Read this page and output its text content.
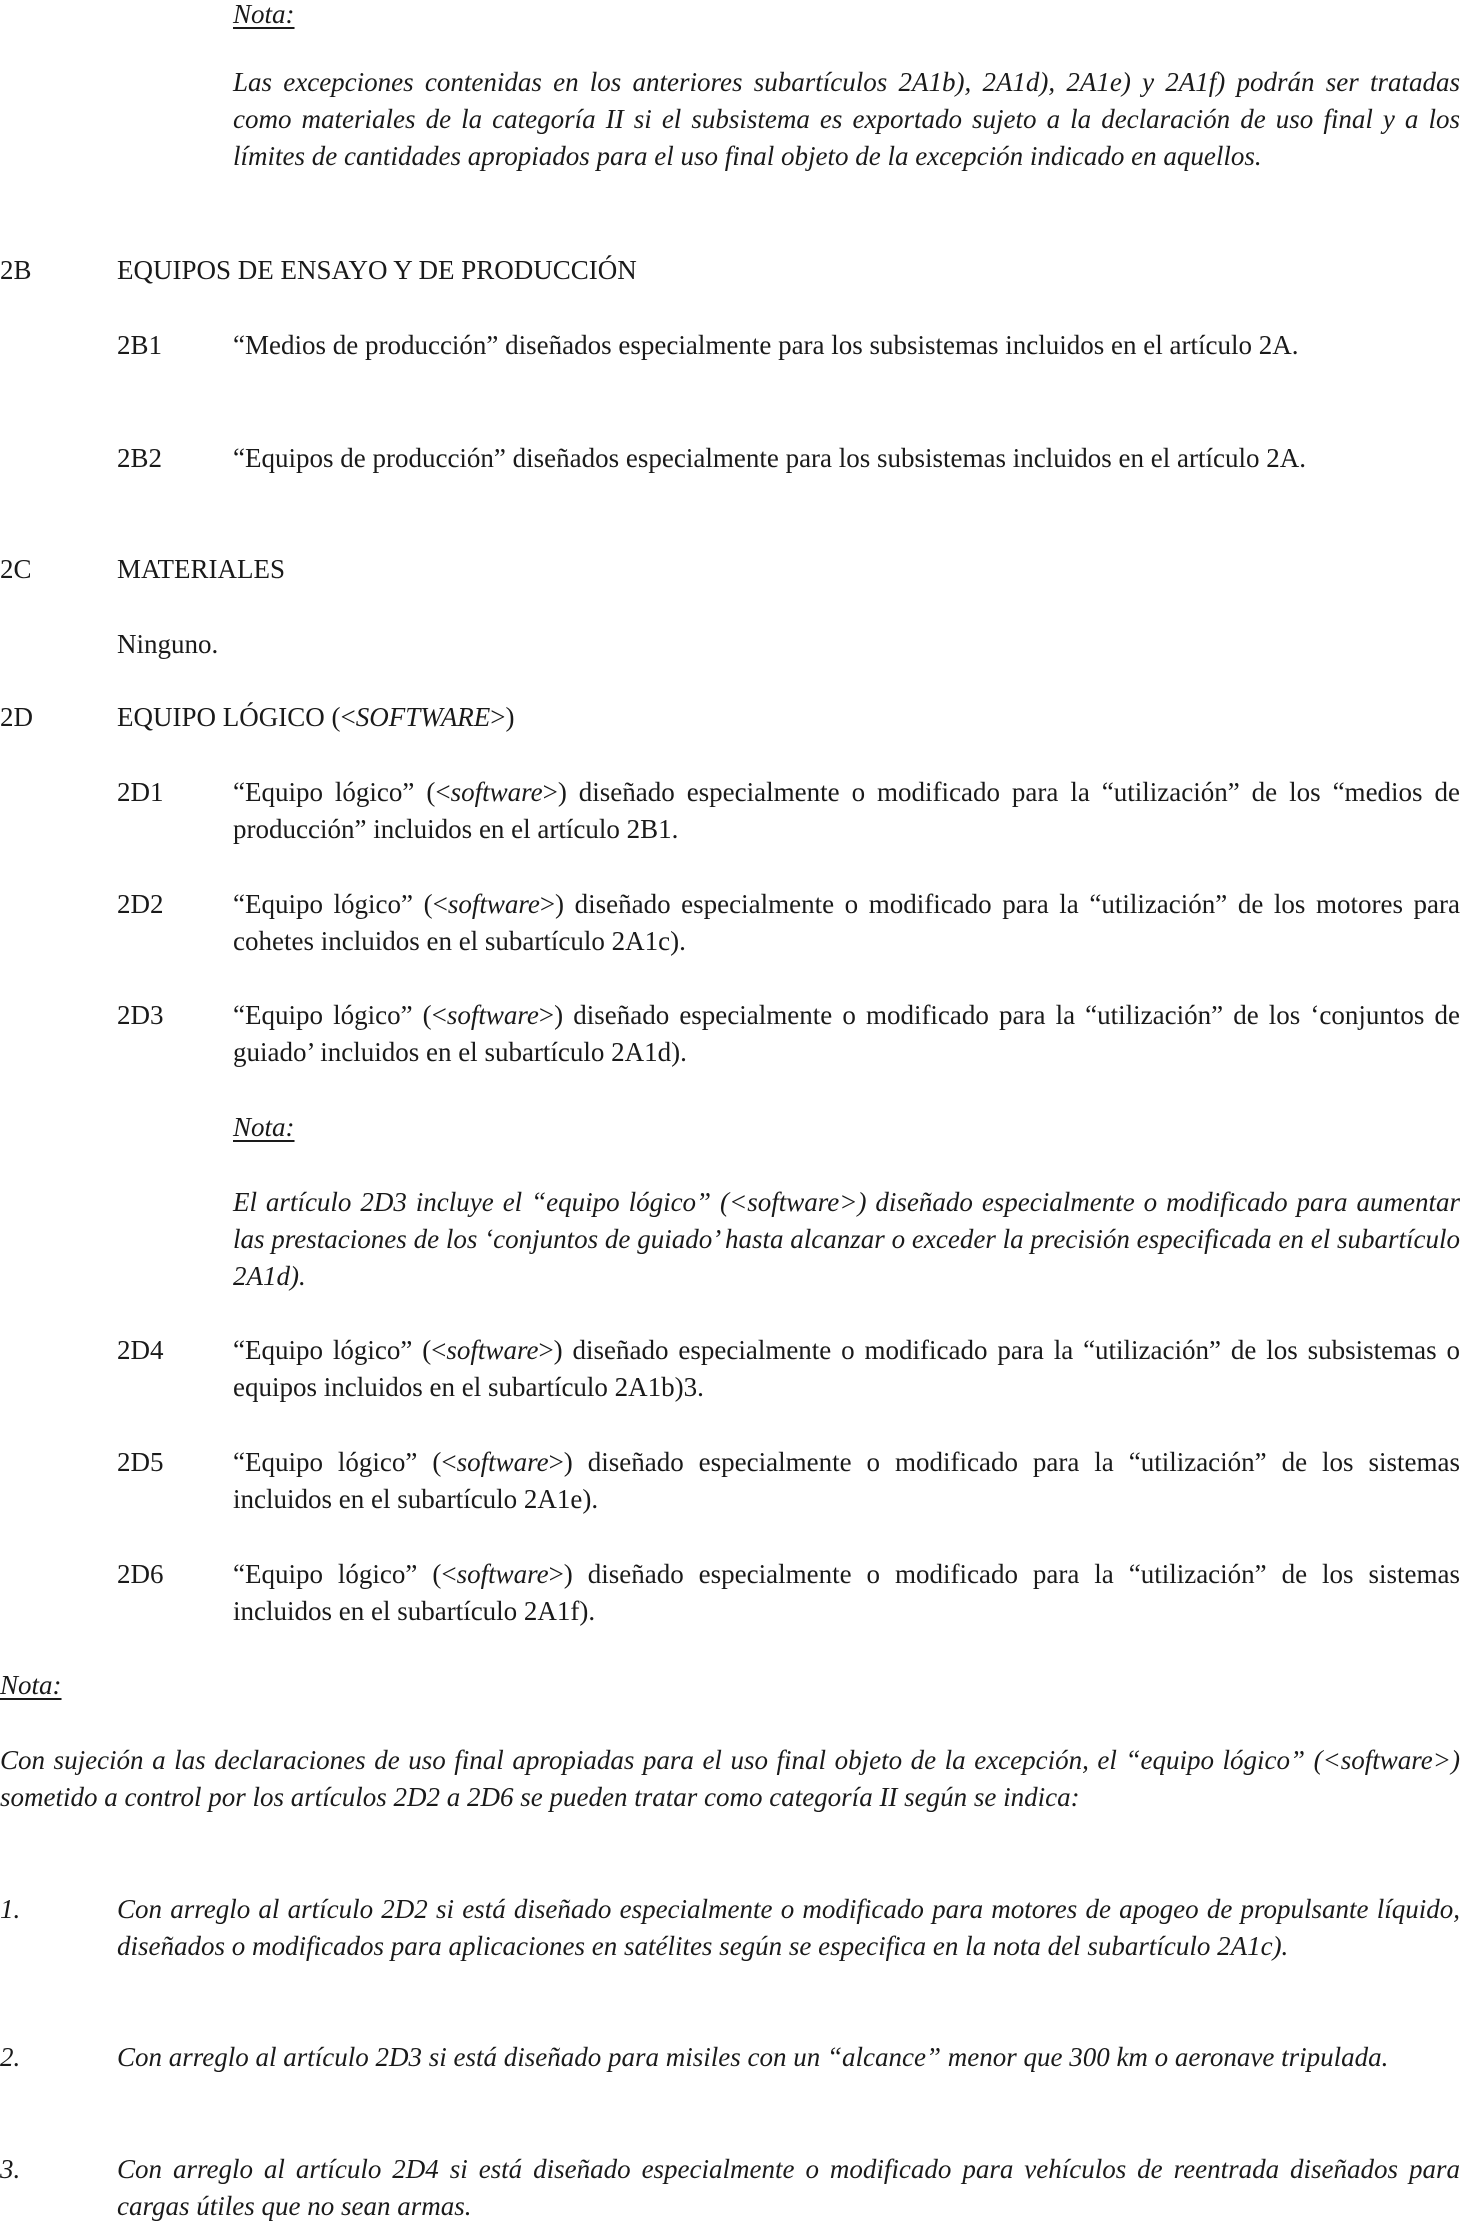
Nota:
Las excepciones contenidas en los anteriores subartículos 2A1b), 2A1d), 2A1e) y 2A1f) podrán ser tratadas como materiales de la categoría II si el subsistema es exportado sujeto a la declaración de uso final y a los límites de cantidades apropiados para el uso final objeto de la excepción indicado en aquellos.
2B	EQUIPOS DE ENSAYO Y DE PRODUCCIÓN
2B1	“Medios de producción” diseñados especialmente para los subsistemas incluidos en el artículo 2A.
2B2	“Equipos de producción” diseñados especialmente para los subsistemas incluidos en el artículo 2A.
2C	MATERIALES
Ninguno.
2D	EQUIPO LÓGICO (<SOFTWARE>)
2D1	“Equipo lógico” (<software>) diseñado especialmente o modificado para la “utilización” de los “medios de producción” incluidos en el artículo 2B1.
2D2	“Equipo lógico” (<software>) diseñado especialmente o modificado para la “utilización” de los motores para cohetes incluidos en el subartículo 2A1c).
2D3	“Equipo lógico” (<software>) diseñado especialmente o modificado para la “utilización” de los ‘conjuntos de guiado’ incluidos en el subartículo 2A1d).
Nota:
El artículo 2D3 incluye el “equipo lógico” (<software>) diseñado especialmente o modificado para aumentar las prestaciones de los ‘conjuntos de guiado’ hasta alcanzar o exceder la precisión especificada en el subartículo 2A1d).
2D4	“Equipo lógico” (<software>) diseñado especialmente o modificado para la “utilización” de los subsistemas o equipos incluidos en el subartículo 2A1b)3.
2D5	“Equipo lógico” (<software>) diseñado especialmente o modificado para la “utilización” de los sistemas incluidos en el subartículo 2A1e).
2D6	“Equipo lógico” (<software>) diseñado especialmente o modificado para la “utilización” de los sistemas incluidos en el subartículo 2A1f).
Nota:
Con sujeción a las declaraciones de uso final apropiadas para el uso final objeto de la excepción, el “equipo lógico” (<software>) sometido a control por los artículos 2D2 a 2D6 se pueden tratar como categoría II según se indica:
1.	Con arreglo al artículo 2D2 si está diseñado especialmente o modificado para motores de apogeo de propulsante líquido, diseñados o modificados para aplicaciones en satélites según se especifica en la nota del subartículo 2A1c).
2.	Con arreglo al artículo 2D3 si está diseñado para misiles con un “alcance” menor que 300 km o aeronave tripulada.
3.	Con arreglo al artículo 2D4 si está diseñado especialmente o modificado para vehículos de reentrada diseñados para cargas útiles que no sean armas.
